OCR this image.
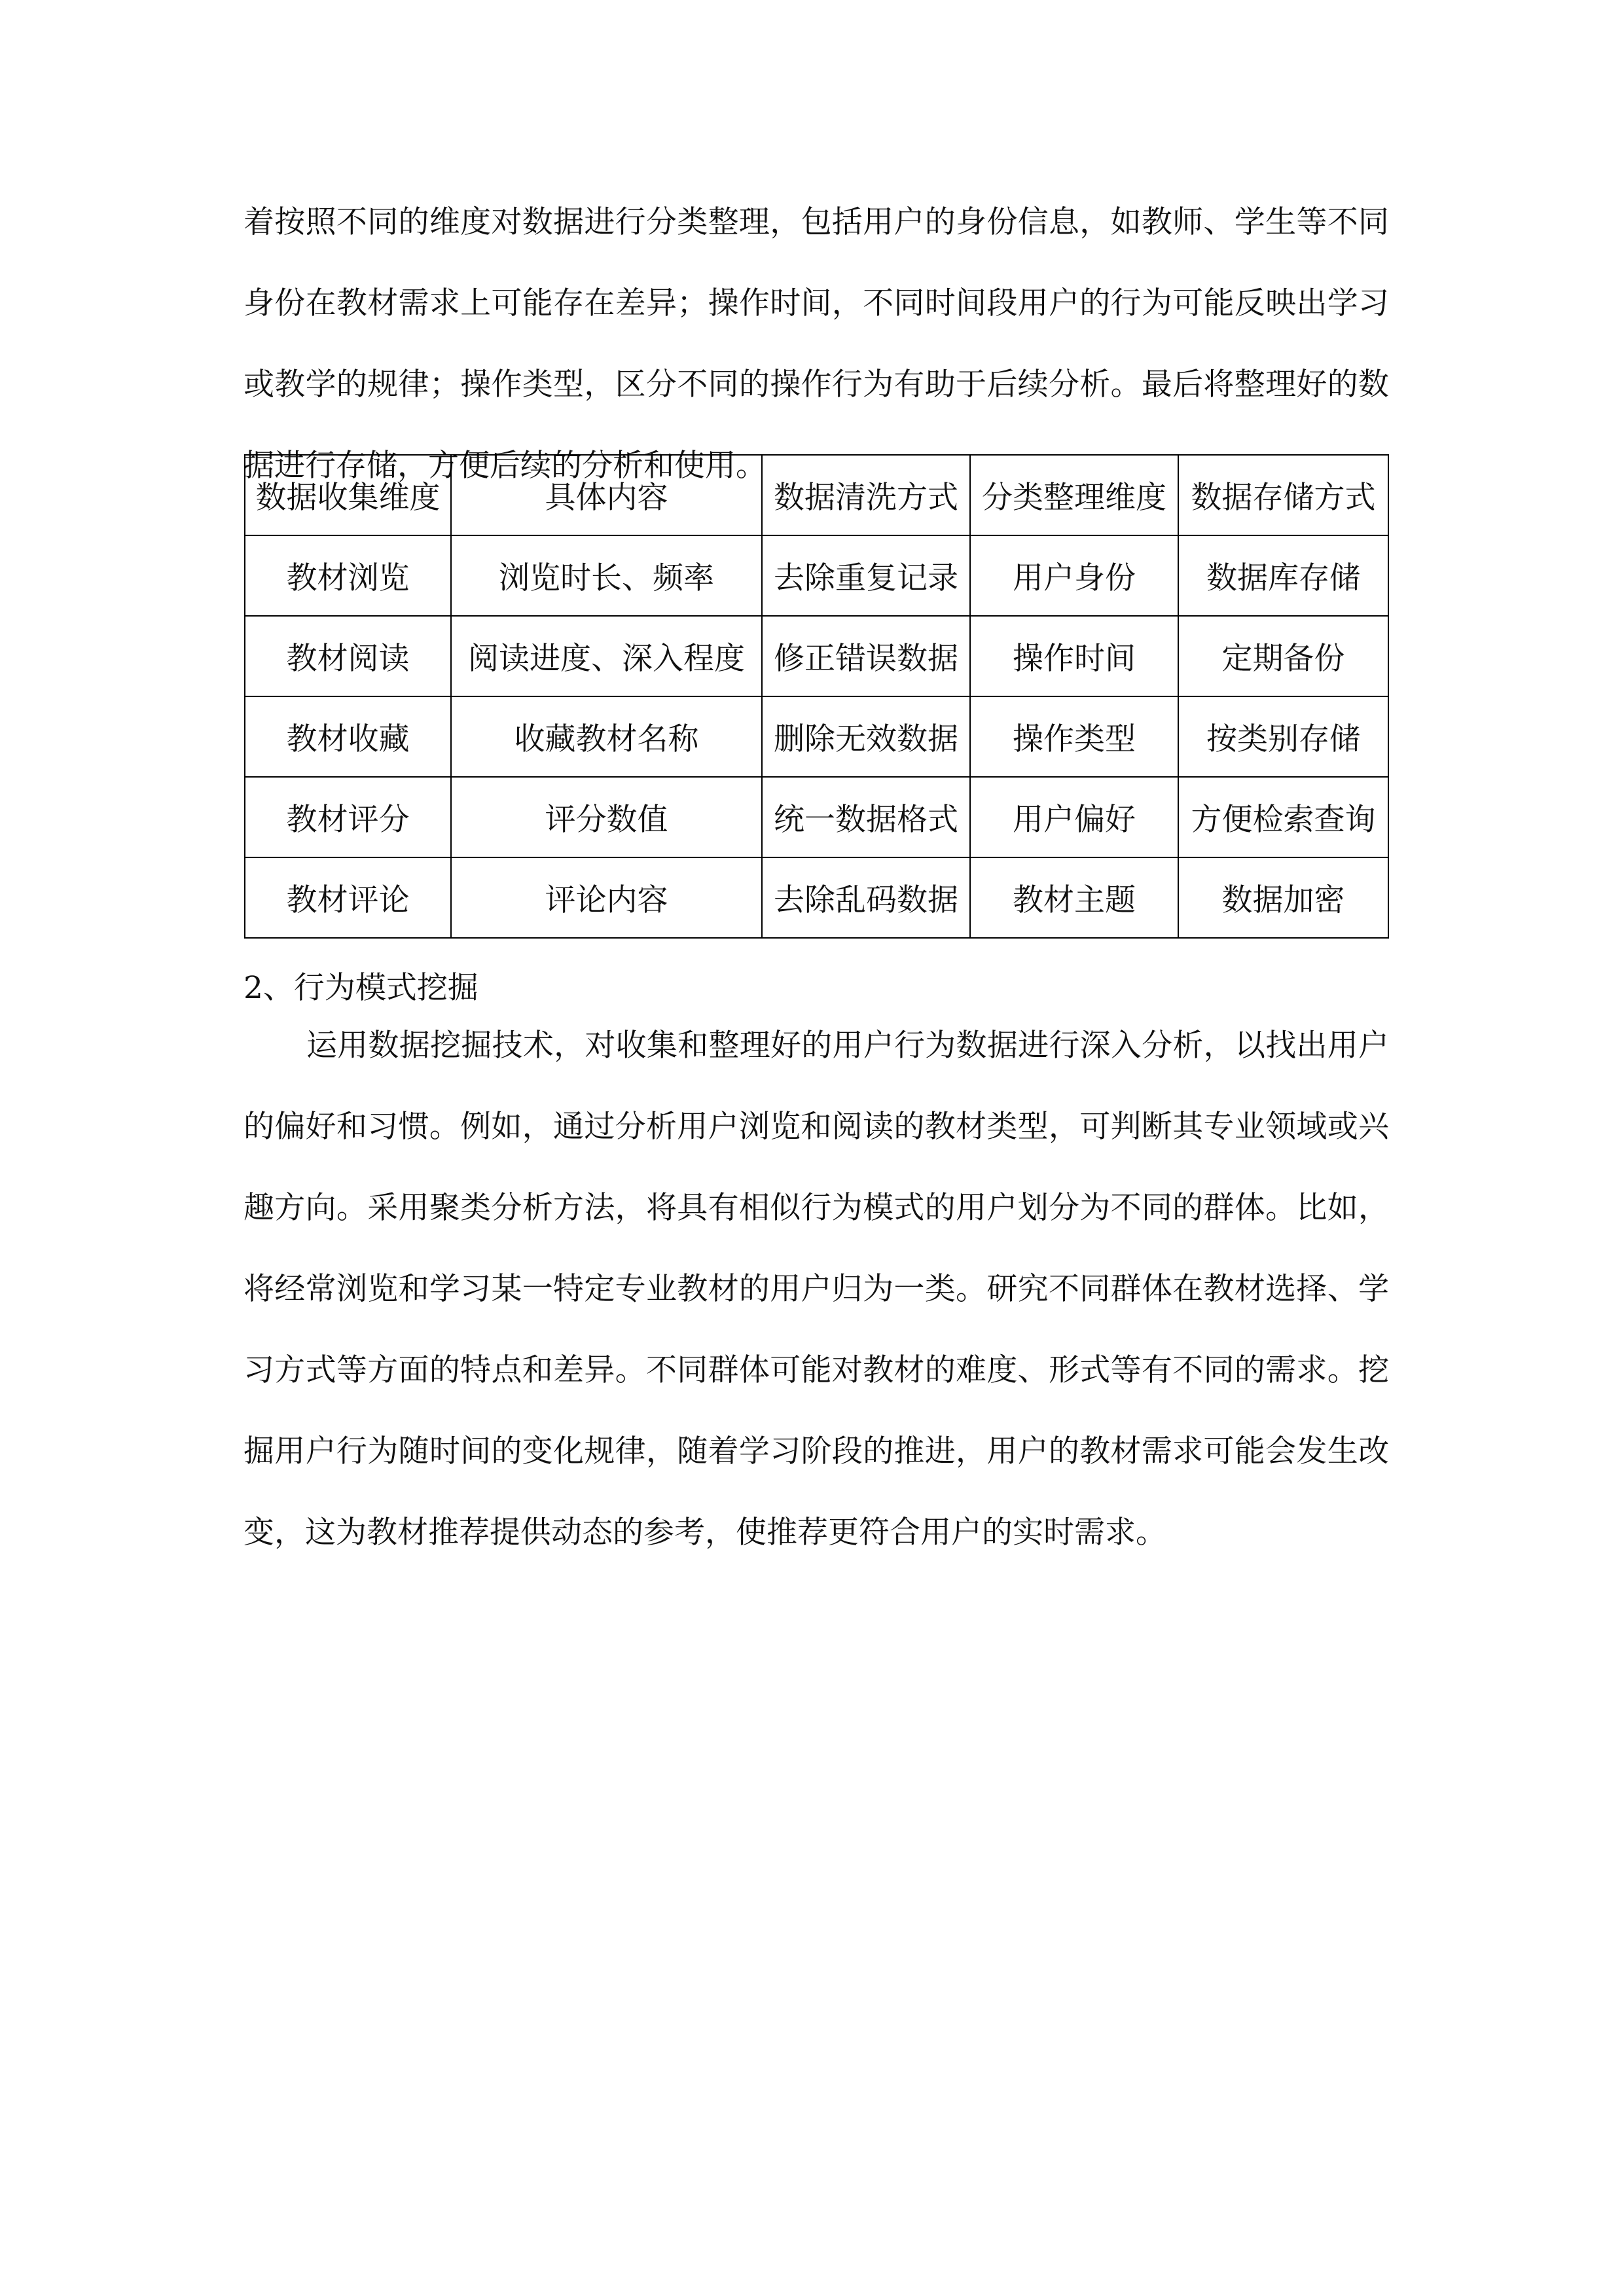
着按照不同的维度对数据进行分类整理，包括用户的身份信息，如教师、学生等不同身份在教材需求上可能存在差异；操作时间，不同时间段用户的行为可能反映出学习或教学的规律；操作类型，区分不同的操作行为有助于后续分析。最后将整理好的数据进行存储，方便后续的分析和使用。

数据收集维度	具体内容	数据清洗方式	分类整理维度	数据存储方式
教材浏览	浏览时长、频率	去除重复记录	用户身份	数据库存储
教材阅读	阅读进度、深入程度	修正错误数据	操作时间	定期备份
教材收藏	收藏教材名称	删除无效数据	操作类型	按类别存储
教材评分	评分数值	统一数据格式	用户偏好	方便检索查询
教材评论	评论内容	去除乱码数据	教材主题	数据加密
2、行为模式挖掘

运用数据挖掘技术，对收集和整理好的用户行为数据进行深入分析，以找出用户的偏好和习惯。例如，通过分析用户浏览和阅读的教材类型，可判断其专业领域或兴趣方向。采用聚类分析方法，将具有相似行为模式的用户划分为不同的群体。比如，将经常浏览和学习某一特定专业教材的用户归为一类。研究不同群体在教材选择、学习方式等方面的特点和差异。不同群体可能对教材的难度、形式等有不同的需求。挖掘用户行为随时间的变化规律，随着学习阶段的推进，用户的教材需求可能会发生改变，这为教材推荐提供动态的参考，使推荐更符合用户的实时需求。
